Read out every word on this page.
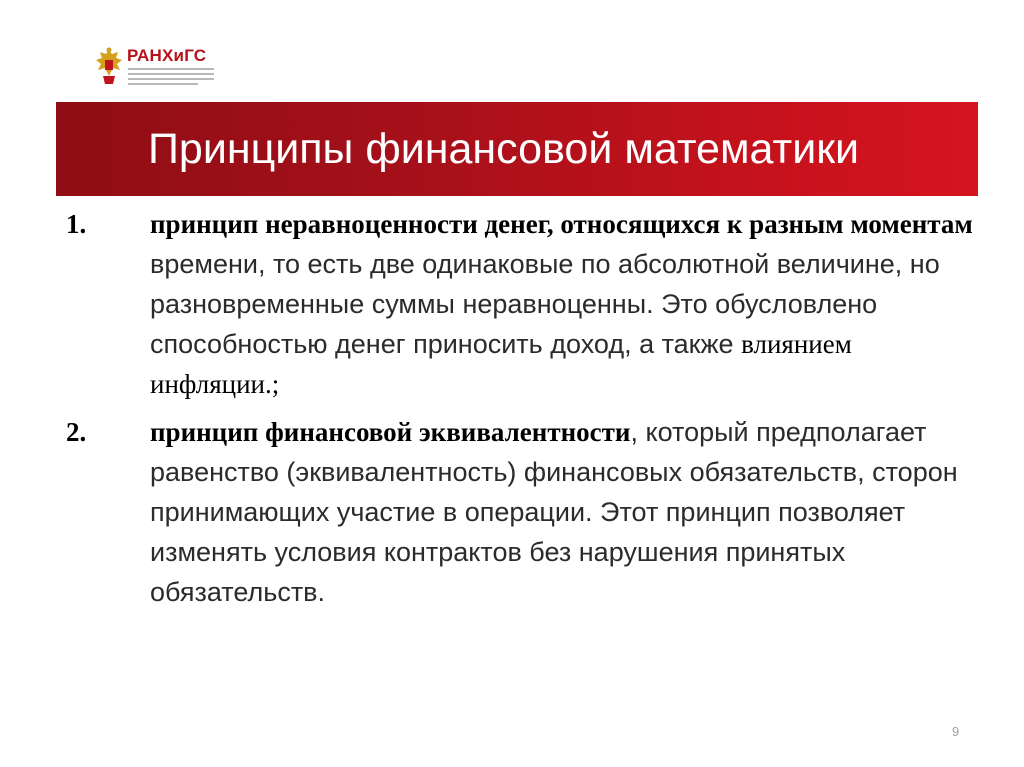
РАНХиГС
Принципы финансовой математики
1. принцип неравноценности денег, относящихся к разным моментам времени, то есть две одинаковые по абсолютной величине, но разновременные суммы неравноценны. Это обусловлено способностью денег приносить доход, а также влиянием инфляции.;
2. принцип финансовой эквивалентности, который предполагает равенство (эквивалентность) финансовых обязательств, сторон принимающих участие в операции. Этот принцип позволяет изменять условия контрактов без нарушения принятых обязательств.
9
